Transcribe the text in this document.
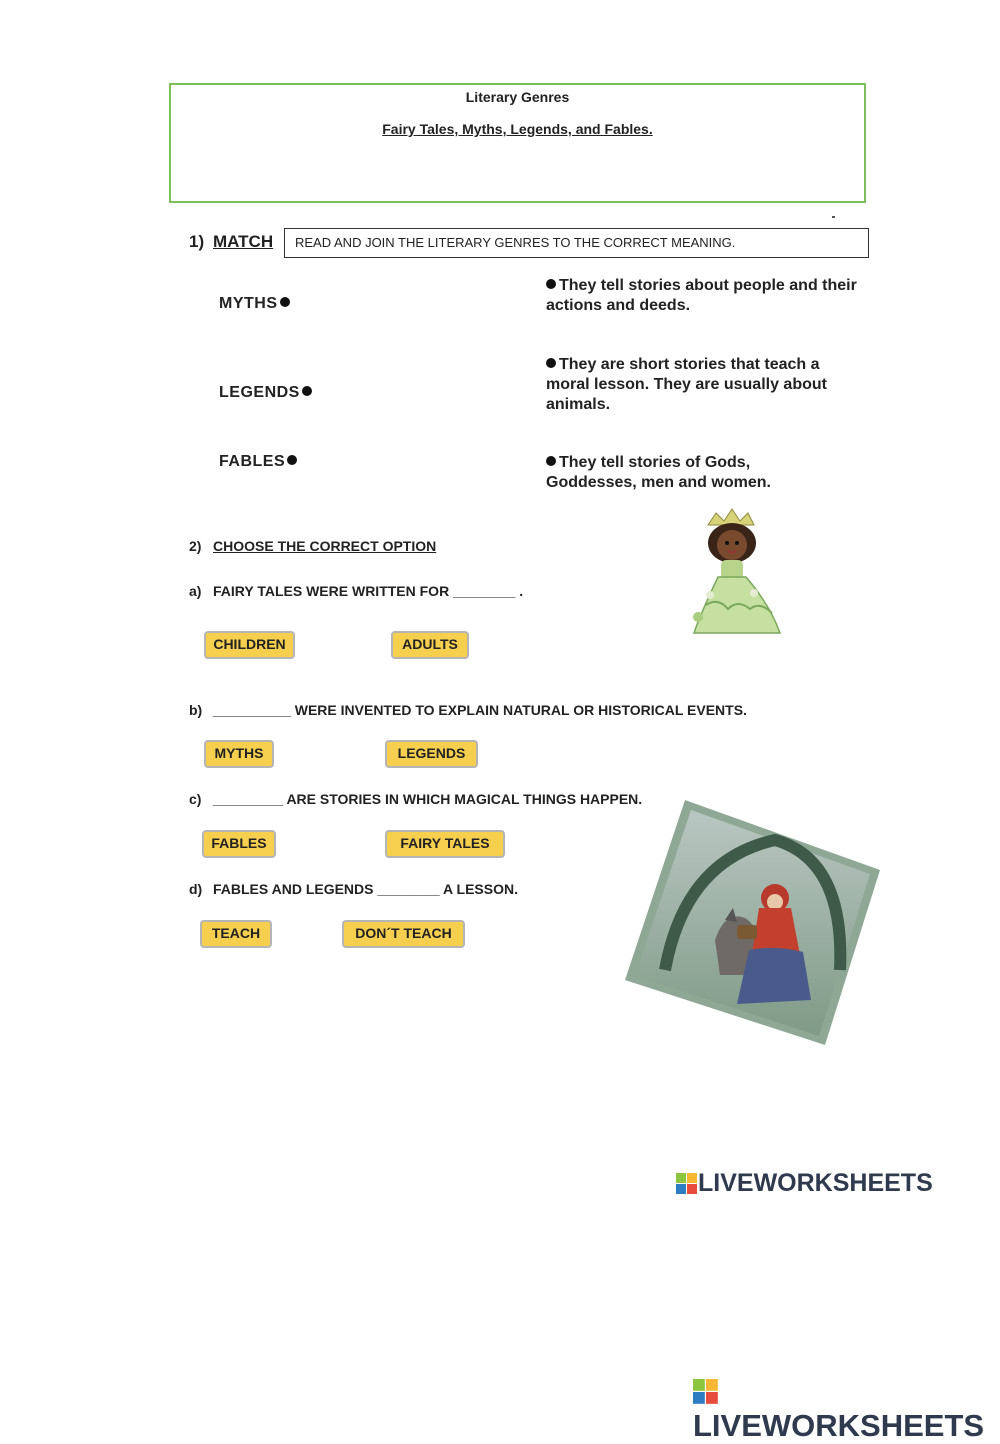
Literary Genres
Fairy Tales, Myths, Legends, and Fables.
1) MATCH	READ AND JOIN THE LITERARY GENRES TO THE CORRECT MEANING.
MYTHS
LEGENDS
FABLES
They tell stories about people and their actions and deeds.
They are short stories that teach a moral lesson. They are usually about animals.
They tell stories of Gods, Goddesses, men and women.
2) CHOOSE THE CORRECT OPTION
a) FAIRY TALES WERE WRITTEN FOR ________ .
CHILDREN	ADULTS
b) __________ WERE INVENTED TO EXPLAIN NATURAL OR HISTORICAL EVENTS.
MYTHS	LEGENDS
c) _________ ARE STORIES IN WHICH MAGICAL THINGS HAPPEN.
FABLES	FAIRY TALES
d) FABLES AND LEGENDS ________ A LESSON.
TEACH	DON´T TEACH
LIVEWORKSHEETS
LIVEWORKSHEETS
